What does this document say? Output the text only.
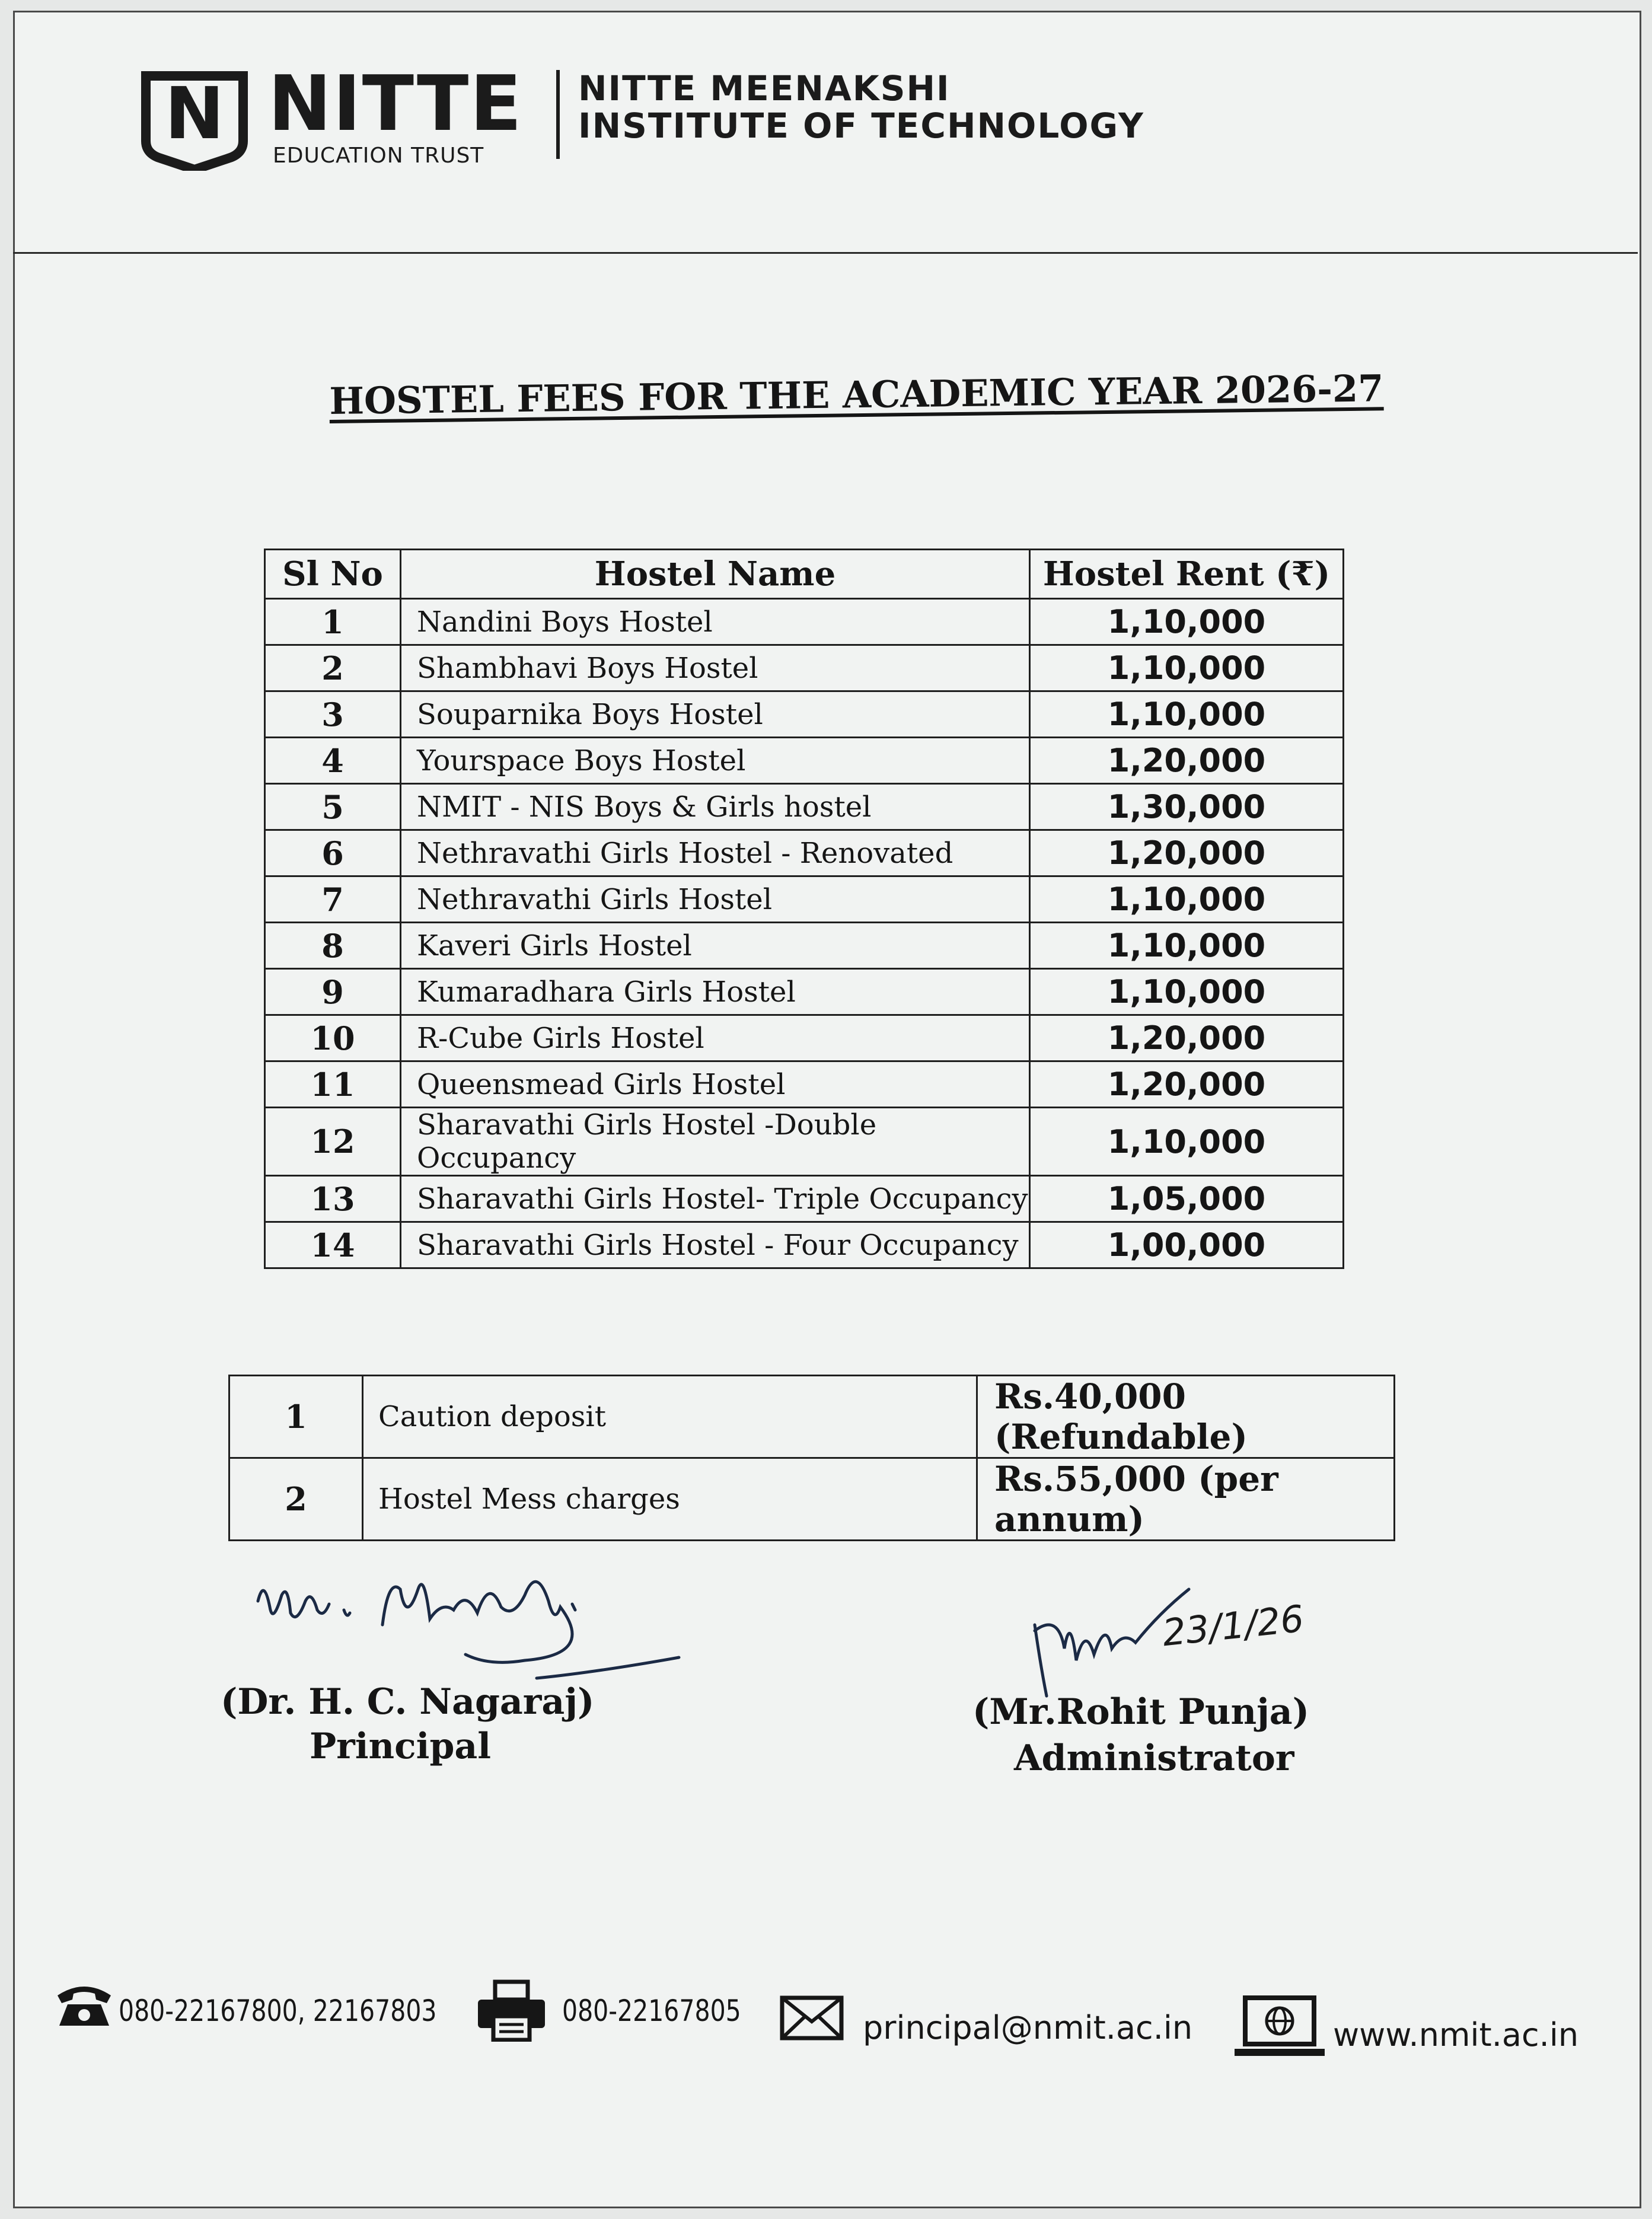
N NITTE
EDUCATION TRUST
NITTE MEENAKSHI
INSTITUTE OF TECHNOLOGY
HOSTEL FEES FOR THE ACADEMIC YEAR 2026-27
Sl No	Hostel Name	Hostel Rent (₹)
1	Nandini Boys Hostel	1,10,000
2	Shambhavi Boys Hostel	1,10,000
3	Souparnika Boys Hostel	1,10,000
4	Yourspace Boys Hostel	1,20,000
5	NMIT - NIS Boys & Girls hostel	1,30,000
6	Nethravathi Girls Hostel - Renovated	1,20,000
7	Nethravathi Girls Hostel	1,10,000
8	Kaveri Girls Hostel	1,10,000
9	Kumaradhara Girls Hostel	1,10,000
10	R-Cube Girls Hostel	1,20,000
11	Queensmead Girls Hostel	1,20,000
12	Sharavathi Girls Hostel -Double Occupancy	1,10,000
13	Sharavathi Girls Hostel- Triple Occupancy	1,05,000
14	Sharavathi Girls Hostel - Four Occupancy	1,00,000
1	Caution deposit	Rs.40,000 (Refundable)
2	Hostel Mess charges	Rs.55,000 (per annum)
23/1/26
(Dr. H. C. Nagaraj)
Principal
(Mr.Rohit Punja)
Administrator
080-22167800, 22167803	080-22167805	principal@nmit.ac.in	www.nmit.ac.in
